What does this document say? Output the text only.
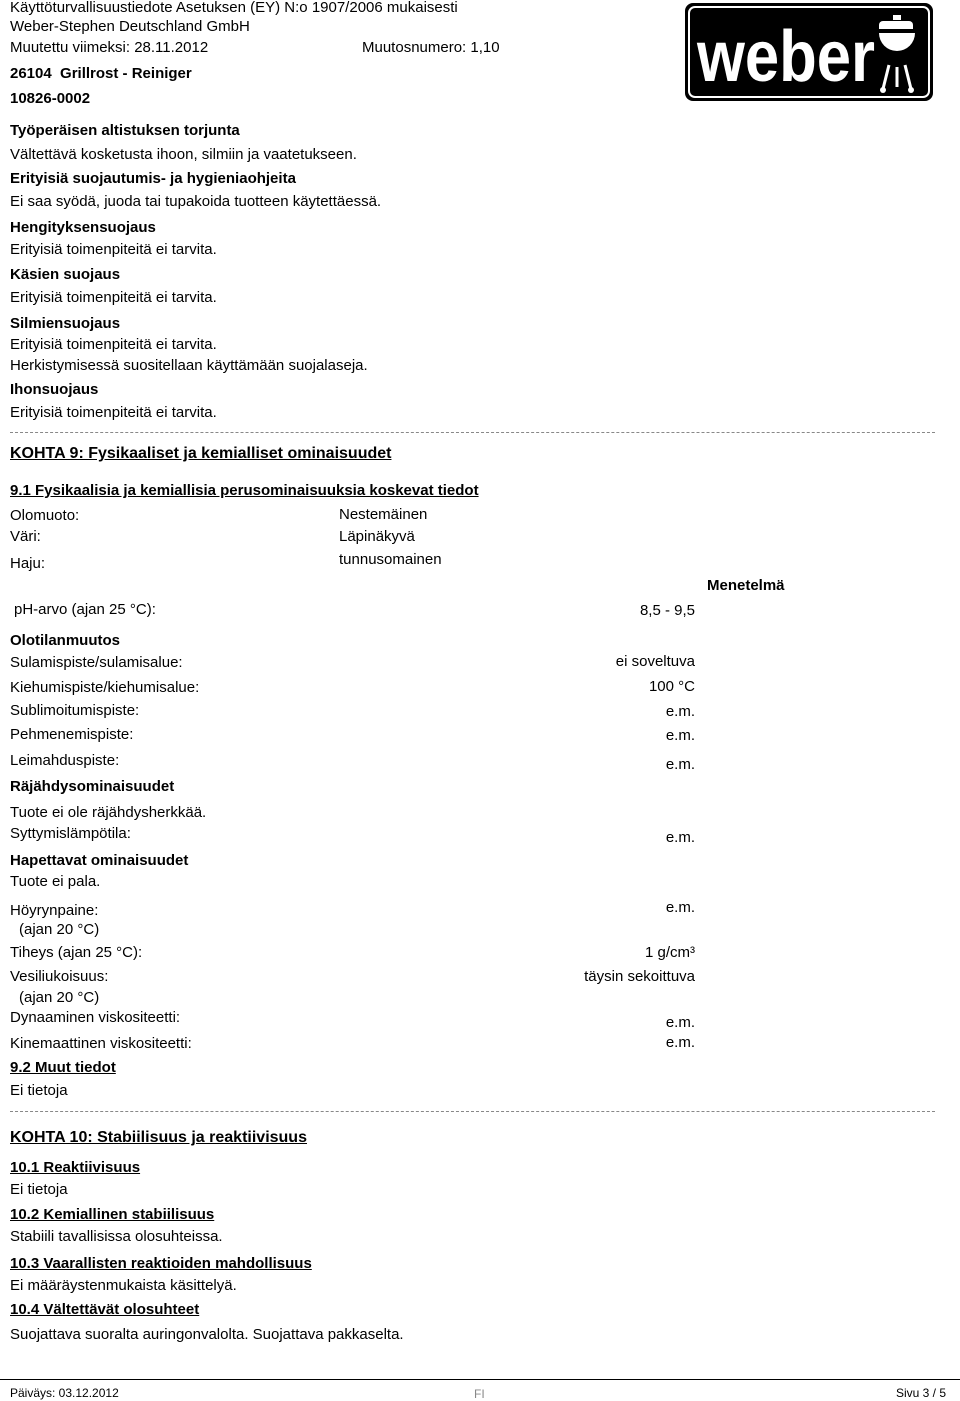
Käyttöturvallisuustiedote Asetuksen (EY) N:o 1907/2006 mukaisesti
Weber-Stephen Deutschland GmbH
Muutettu viimeksi: 28.11.2012	Muutosnumero: 1,10
26104  Grillrost - Reiniger
10826-0002
weber
Työperäisen altistuksen torjunta
Vältettävä kosketusta ihoon, silmiin ja vaatetukseen.
Erityisiä suojautumis- ja hygieniaohjeita
Ei saa syödä, juoda tai tupakoida tuotteen käytettäessä.
Hengityksensuojaus
Erityisiä toimenpiteitä ei tarvita.
Käsien suojaus
Erityisiä toimenpiteitä ei tarvita.
Silmiensuojaus
Erityisiä toimenpiteitä ei tarvita.
Herkistymisessä suositellaan käyttämään suojalaseja.
Ihonsuojaus
Erityisiä toimenpiteitä ei tarvita.
KOHTA 9: Fysikaaliset ja kemialliset ominaisuudet
9.1 Fysikaalisia ja kemiallisia perusominaisuuksia koskevat tiedot
Olomuoto:	Nestemäinen
Väri:	Läpinäkyvä
Haju:	tunnusomainen
Menetelmä
pH-arvo (ajan 25 °C):	8,5 - 9,5
Olotilanmuutos
Sulamispiste/sulamisalue:	ei soveltuva
Kiehumispiste/kiehumisalue:	100 °C
Sublimoitumispiste:	e.m.
Pehmenemispiste:	e.m.
Leimahduspiste:	e.m.
Räjähdysominaisuudet
Tuote ei ole räjähdysherkkää.
Syttymislämpötila:	e.m.
Hapettavat ominaisuudet
Tuote ei pala.
Höyrynpaine:	e.m.
(ajan 20 °C)
Tiheys (ajan 25 °C):	1 g/cm³
Vesiliukoisuus:	täysin sekoittuva
(ajan 20 °C)
Dynaaminen viskositeetti:	e.m.
Kinemaattinen viskositeetti:	e.m.
9.2 Muut tiedot
Ei tietoja
KOHTA 10: Stabiilisuus ja reaktiivisuus
10.1 Reaktiivisuus
Ei tietoja
10.2 Kemiallinen stabiilisuus
Stabiili tavallisissa olosuhteissa.
10.3 Vaarallisten reaktioiden mahdollisuus
Ei määräystenmukaista käsittelyä.
10.4 Vältettävät olosuhteet
Suojattava suoralta auringonvalolta. Suojattava pakkaselta.
Päiväys: 03.12.2012	FI	Sivu 3 / 5
